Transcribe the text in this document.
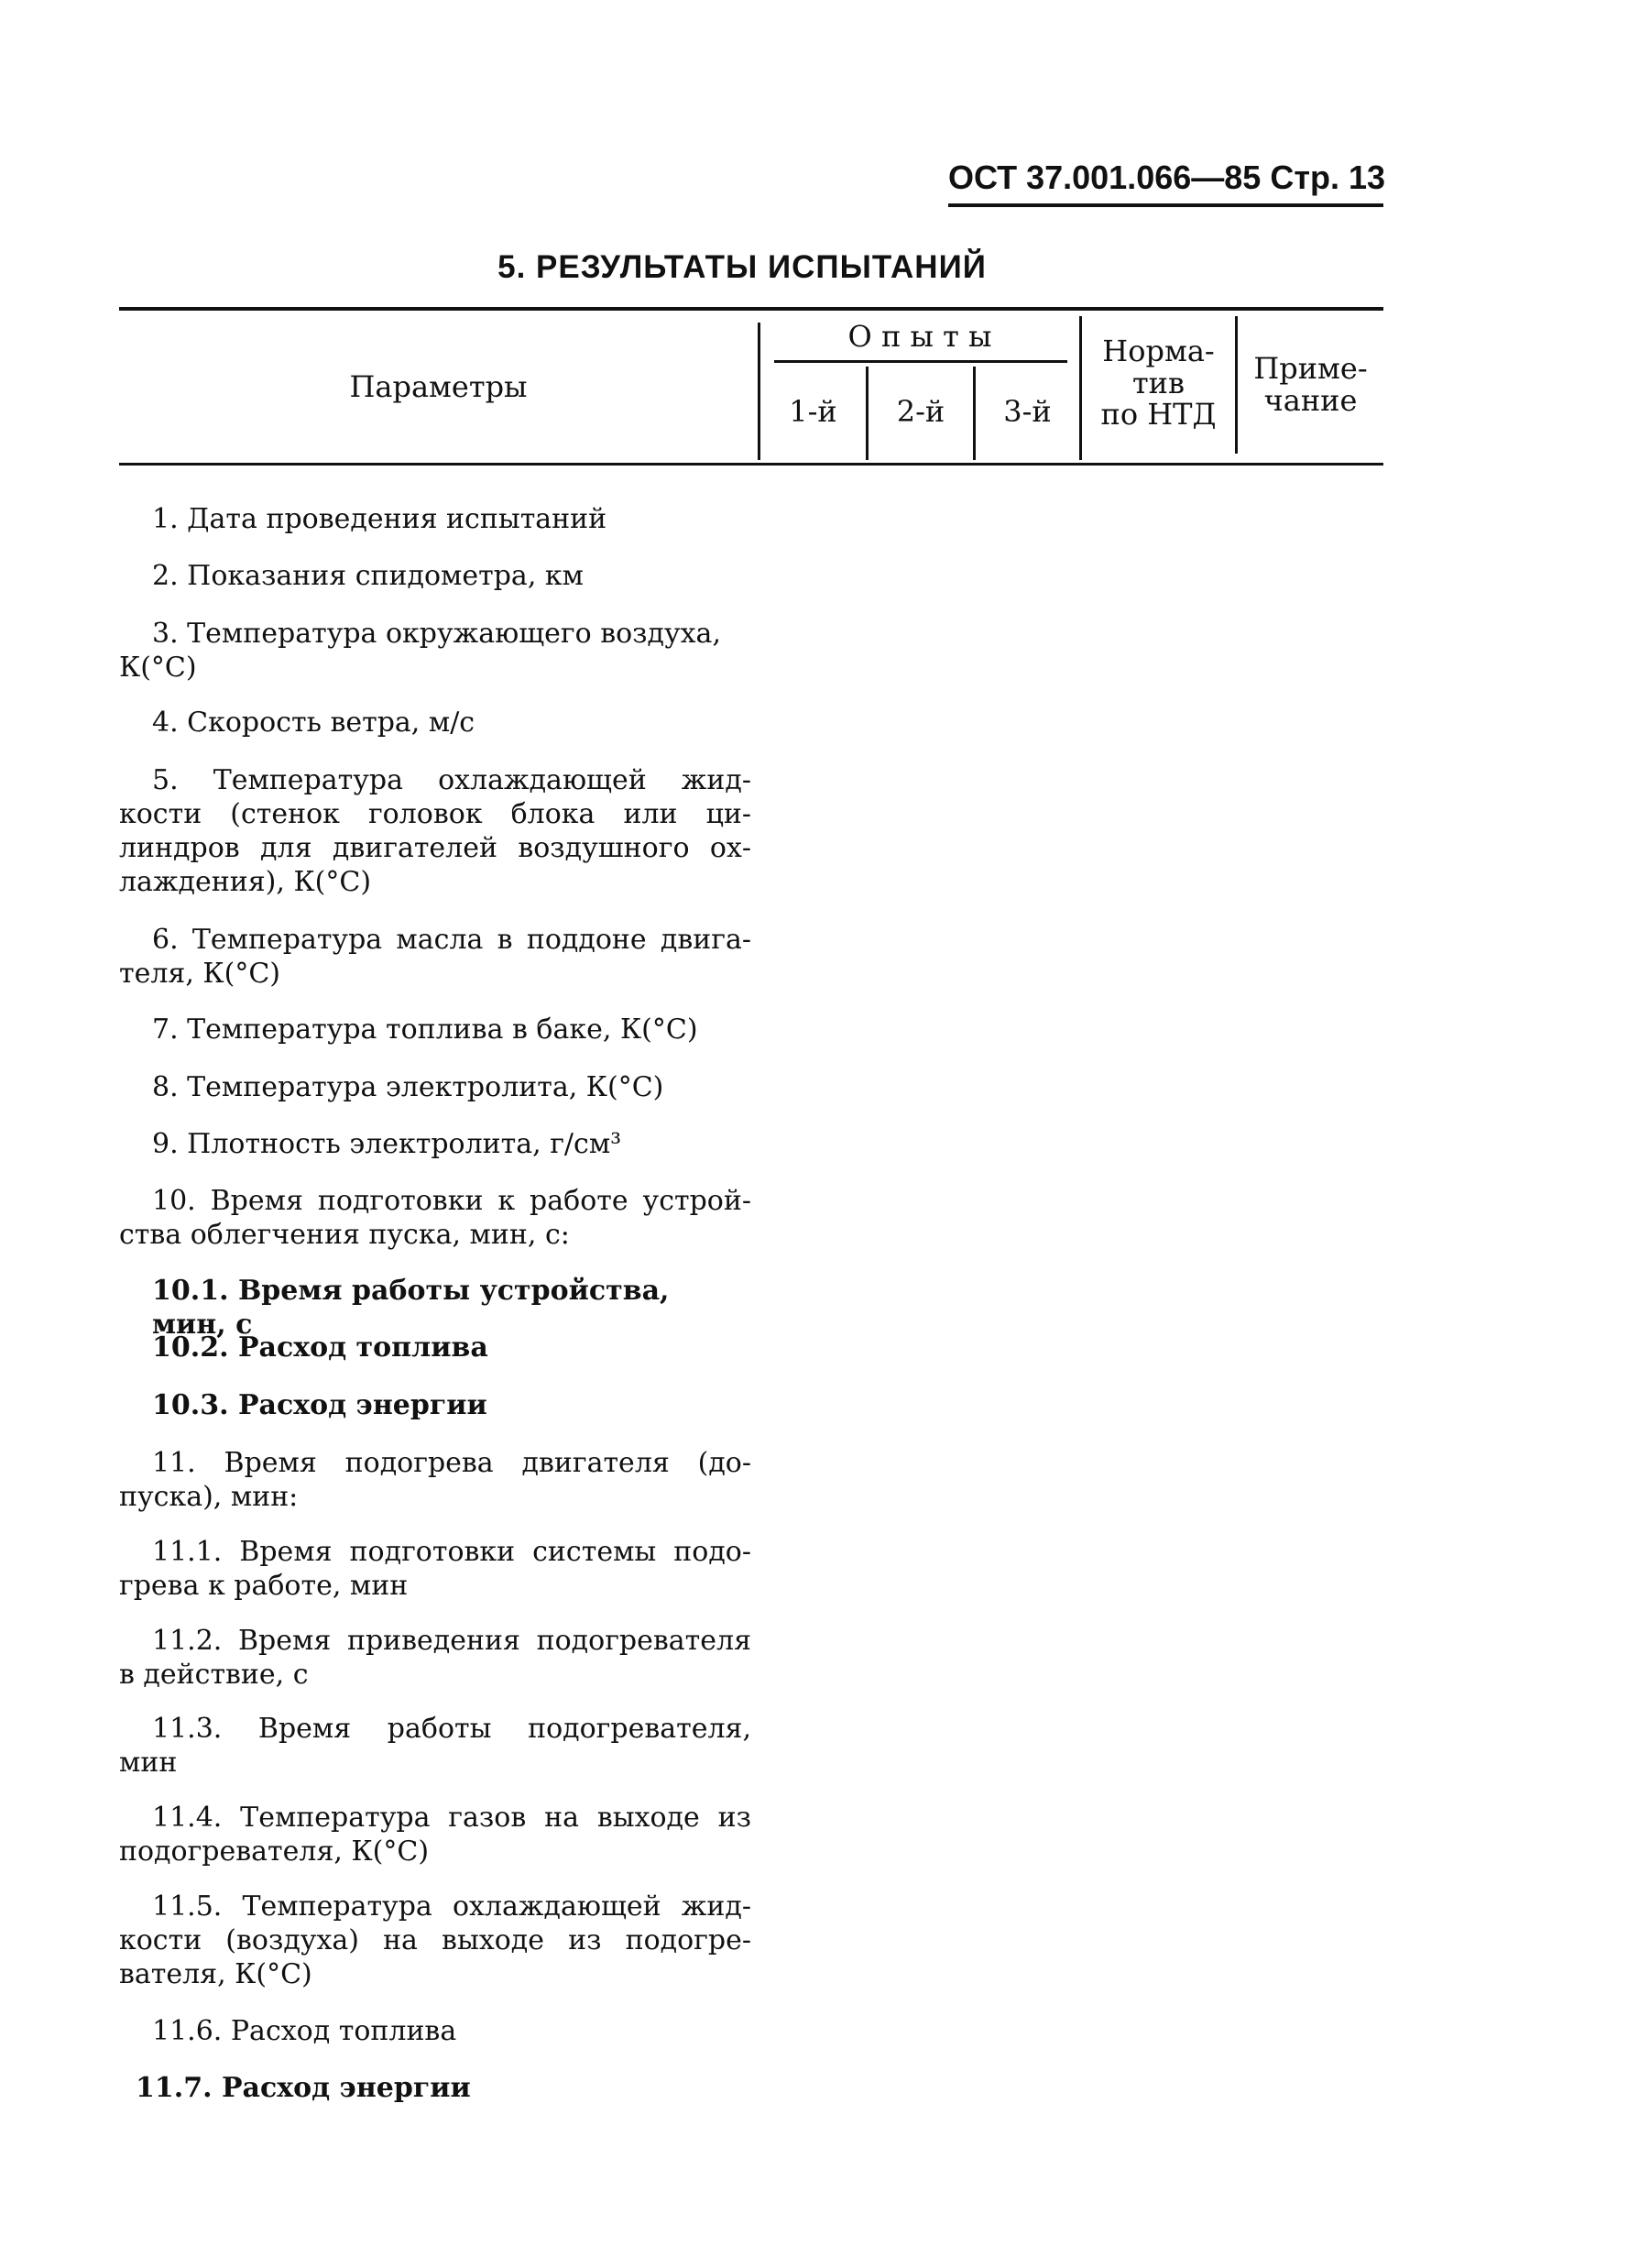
ОСТ 37.001.066—85 Стр. 13
5. РЕЗУЛЬТАТЫ ИСПЫТАНИЙ
Параметры
О п ы т ы
1-й	2-й	3-й
Норма-
тив
по НТД
Приме-
чание
1. Дата проведения испытаний
2. Показания спидометра, км
3. Температура окружающего воздуха,
К(°С)
4. Скорость ветра, м/с
5. Температура охлаждающей жид-
кости (стенок головок блока или ци-
линдров для двигателей воздушного ох-
лаждения), К(°С)
6. Температура масла в поддоне двига-
теля, К(°С)
7. Температура топлива в баке, К(°С)
8. Температура электролита, К(°С)
9. Плотность электролита, г/см³
10. Время подготовки к работе устрой-
ства облегчения пуска, мин, с:
10.1. Время работы устройства, мин, с
10.2. Расход топлива
10.3. Расход энергии
11. Время подогрева двигателя (до-
пуска), мин:
11.1. Время подготовки системы подо-
грева к работе, мин
11.2. Время приведения подогревателя
в действие, с
11.3. Время работы подогревателя,
мин
11.4. Температура газов на выходе из
подогревателя, К(°С)
11.5. Температура охлаждающей жид-
кости (воздуха) на выходе из подогре-
вателя, К(°С)
11.6. Расход топлива
11.7. Расход энергии
